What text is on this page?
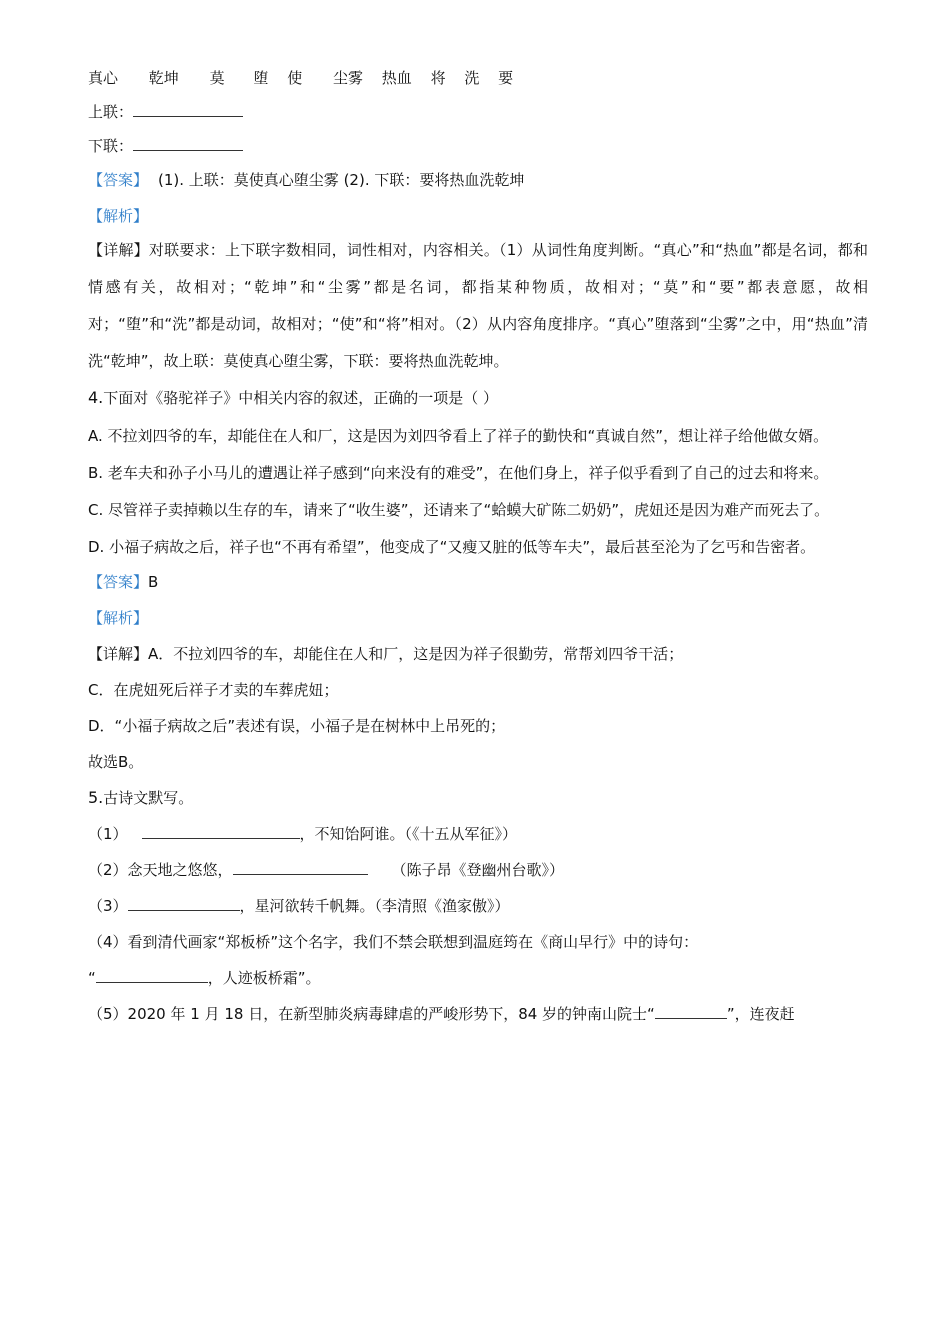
真心 乾坤 莫 堕 使 尘雾 热血 将 洗 要
上联：
下联：
【答案】 (1). 上联：莫使真心堕尘雾 (2). 下联：要将热血洗乾坤
【解析】
【详解】对联要求：上下联字数相同，词性相对，内容相关。（1）从词性角度判断。“真心”和“热血”都是名词，都和情感有关，故相对；“乾坤”和“尘雾”都是名词，都指某种物质，故相对；“莫”和“要”都表意愿，故相对；“堕”和“洗”都是动词，故相对；“使”和“将”相对。（2）从内容角度排序。“真心”堕落到“尘雾”之中，用“热血”清洗“乾坤”，故上联：莫使真心堕尘雾，下联：要将热血洗乾坤。
4.下面对《骆驼祥子》中相关内容的叙述，正确的一项是（ ）
A. 不拉刘四爷的车，却能住在人和厂，这是因为刘四爷看上了祥子的勤快和“真诚自然”，想让祥子给他做女婿。
B. 老车夫和孙子小马儿的遭遇让祥子感到“向来没有的难受”，在他们身上，祥子似乎看到了自己的过去和将来。
C. 尽管祥子卖掉赖以生存的车，请来了“收生婆”，还请来了“蛤蟆大矿陈二奶奶”，虎妞还是因为难产而死去了。
D. 小福子病故之后，祥子也“不再有希望”，他变成了“又瘦又脏的低等车夫”，最后甚至沦为了乞丐和告密者。
【答案】B
【解析】
【详解】A．不拉刘四爷的车，却能住在人和厂，这是因为祥子很勤劳，常帮刘四爷干活；
C．在虎妞死后祥子才卖的车葬虎妞；
D．“小福子病故之后”表述有误，小福子是在树林中上吊死的；
故选B。
5.古诗文默写。
（1）	，不知饴阿谁。（《十五从军征》）
（2）念天地之悠悠，	（陈子昂《登幽州台歌》）
（3）	，星河欲转千帆舞。（李清照《渔家傲》）
（4）看到清代画家“郑板桥”这个名字，我们不禁会联想到温庭筠在《商山早行》中的诗句：
“	，人迹板桥霜”。
（5）2020 年 1 月 18 日，在新型肺炎病毒肆虐的严峻形势下，84 岁的钟南山院士“	”，连夜赶
